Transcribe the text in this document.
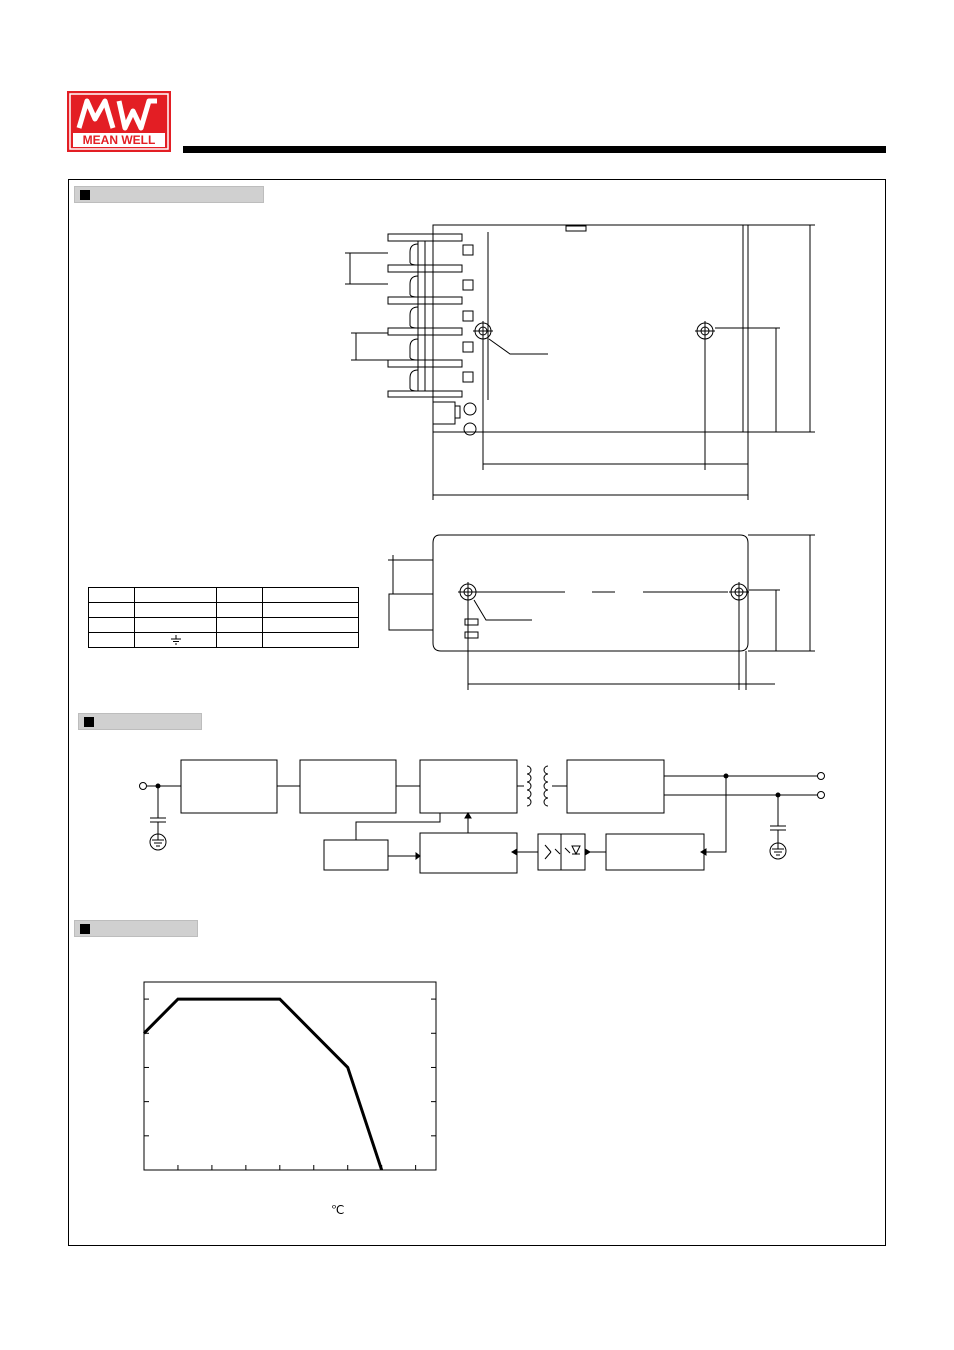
MEAN WELL

℃
